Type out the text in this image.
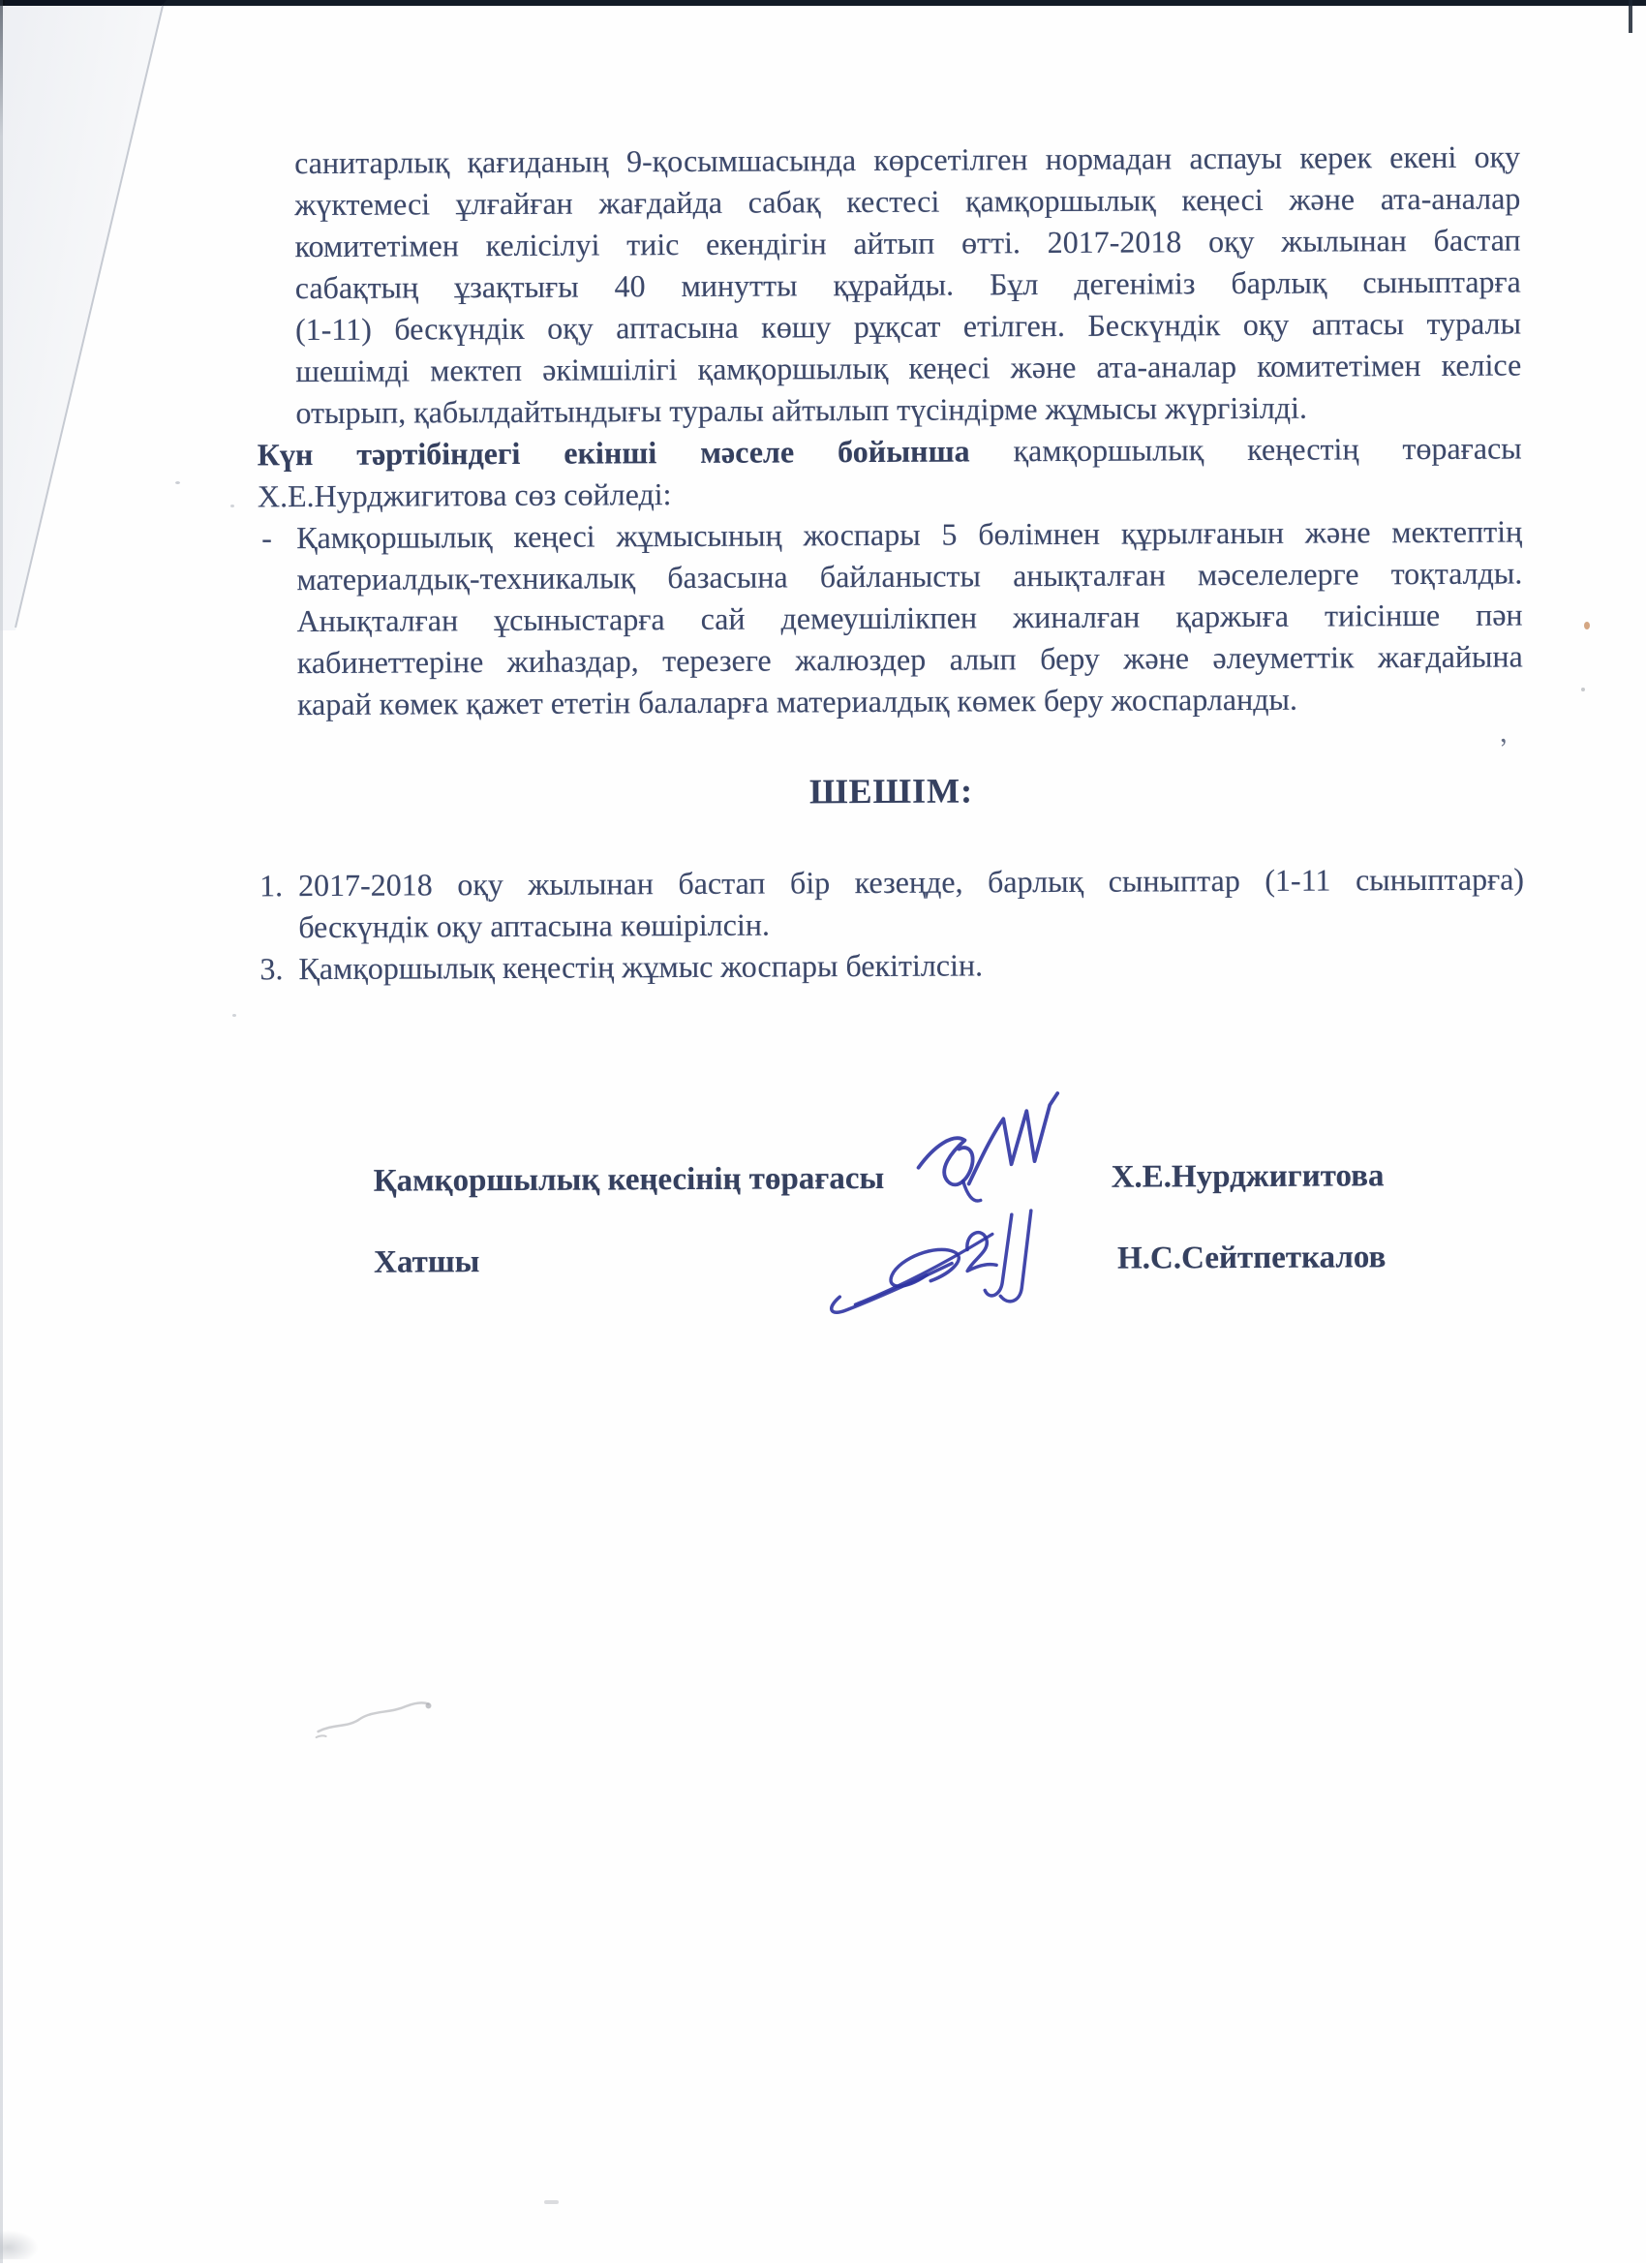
,
санитарлық қағиданың 9-қосымшасында көрсетілген нормадан аспауы керек екені оқу
жүктемесі ұлғайған жағдайда сабақ кестесі қамқоршылық кеңесі және ата-аналар
комитетімен келісілуі тиіс екендігін айтып өтті. 2017-2018 оқу жылынан бастап
сабақтың ұзақтығы 40 минутты құрайды. Бұл дегеніміз барлық сыныптарға
(1-11) бескүндік оқу аптасына көшу рұқсат етілген. Бескүндік оқу аптасы туралы
шешімді мектеп әкімшілігі қамқоршылық кеңесі және ата-аналар комитетімен келісе
отырып, қабылдайтындығы туралы айтылып түсіндірме жұмысы жүргізілді.
Күн тәртібіндегі екінші мәселе бойынша қамқоршылық кеңестің төрағасы
Х.Е.Нурджигитова сөз сөйледі:
- Қамқоршылық кеңесі жұмысының жоспары 5 бөлімнен құрылғанын және мектептің
материалдық-техникалық базасына байланысты анықталған мәселелерге тоқталды.
Анықталған ұсыныстарға сай демеушілікпен жиналған қаржыға тиісінше пән
кабинеттеріне жиһаздар, терезеге жалюздер алып беру және әлеуметтік жағдайына
карай көмек қажет ететін балаларға материалдық көмек беру жоспарланды.
ШЕШІМ:
1. 2017-2018 оқу жылынан бастап бір кезеңде, барлық сыныптар (1-11 сыныптарға)
бескүндік оқу аптасына көшірілсін.
3. Қамқоршылық кеңестің жұмыс жоспары бекітілсін.
Қамқоршылық кеңесінің төрағасы	Х.Е.Нурджигитова
Хатшы	Н.С.Сейтпеткалов
